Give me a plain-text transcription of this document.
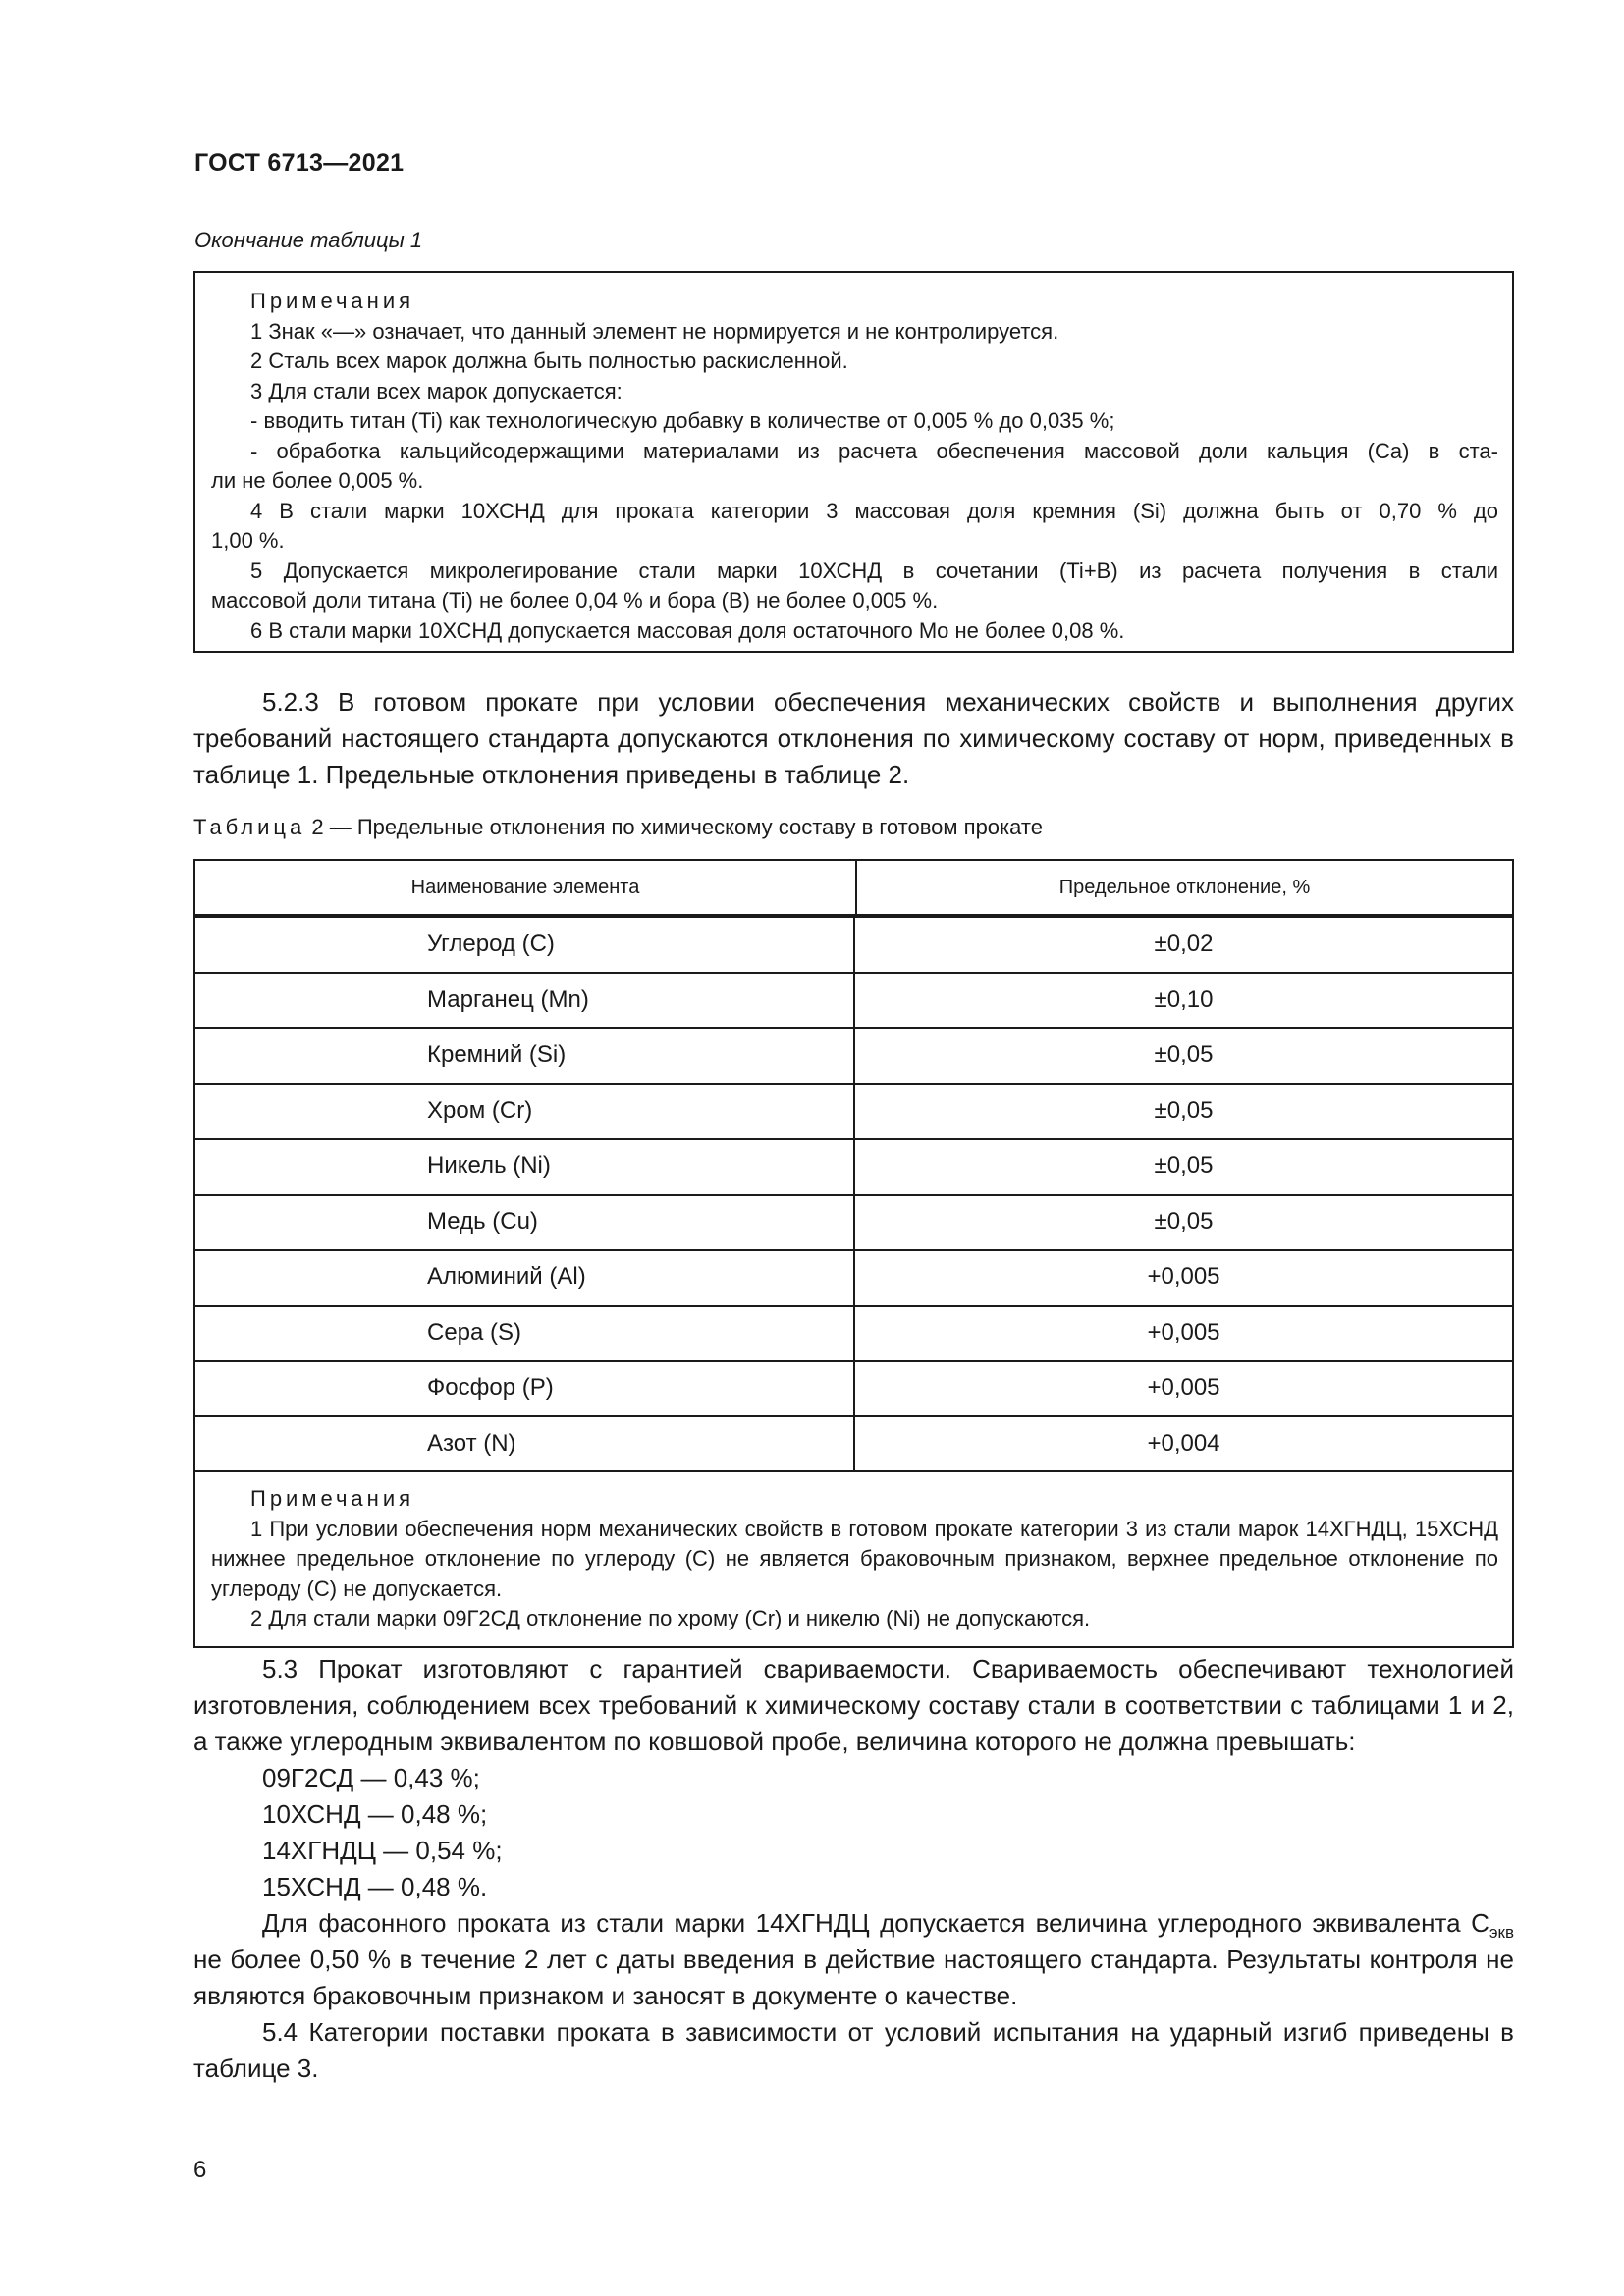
ГОСТ 6713—2021
Окончание таблицы 1
Примечания

1 Знак «—» означает, что данный элемент не нормируется и не контролируется.

2 Сталь всех марок должна быть полностью раскисленной.

3 Для стали всех марок допускается:

- вводить титан (Ti) как технологическую добавку в количестве от 0,005 % до 0,035 %;

- обработка кальцийсодержащими материалами из расчета обеспечения массовой доли кальция (Ca) в ста-

ли не более 0,005 %.

4 В стали марки 10ХСНД для проката категории 3 массовая доля кремния (Si) должна быть от 0,70 % до

1,00 %.

5 Допускается микролегирование стали марки 10ХСНД в сочетании (Ti+B) из расчета получения в стали

массовой доли титана (Ti) не более 0,04 % и бора (B) не более 0,005 %.

6 В стали марки 10ХСНД допускается массовая доля остаточного Mo не более 0,08 %.

5.2.3 В готовом прокате при условии обеспечения механических свойств и выполнения других требований настоящего стандарта допускаются отклонения по химическому составу от норм, приведенных в таблице 1. Предельные отклонения приведены в таблице 2.

Таблица 2 — Предельные отклонения по химическому составу в готовом прокате
Наименование элемента	Предельное отклонение, %
Углерод (C)	±0,02
Марганец (Mn)	±0,10
Кремний (Si)	±0,05
Хром (Cr)	±0,05
Никель (Ni)	±0,05
Медь (Cu)	±0,05
Алюминий (Al)	+0,005
Сера (S)	+0,005
Фосфор (P)	+0,005
Азот (N)	+0,004
Примечания

1 При условии обеспечения норм механических свойств в готовом прокате категории 3 из стали марок 14ХГНДЦ, 15ХСНД нижнее предельное отклонение по углероду (C) не является браковочным признаком, верхнее предельное отклонение по углероду (C) не допускается.

2 Для стали марки 09Г2СД отклонение по хрому (Cr) и никелю (Ni) не допускаются.

5.3 Прокат изготовляют с гарантией свариваемости. Свариваемость обеспечивают технологией изготовления, соблюдением всех требований к химическому составу стали в соответствии с таблицами 1 и 2, а также углеродным эквивалентом по ковшовой пробе, величина которого не должна превышать:

09Г2СД — 0,43 %;
10ХСНД — 0,48 %;
14ХГНДЦ — 0,54 %;
15ХСНД — 0,48 %.

Для фасонного проката из стали марки 14ХГНДЦ допускается величина углеродного эквивалента $C_{экв}$ не более 0,50 % в течение 2 лет с даты введения в действие настоящего стандарта. Результаты контроля не являются браковочным признаком и заносят в документе о качестве.

5.4 Категории поставки проката в зависимости от условий испытания на ударный изгиб приведены в таблице 3.

6
